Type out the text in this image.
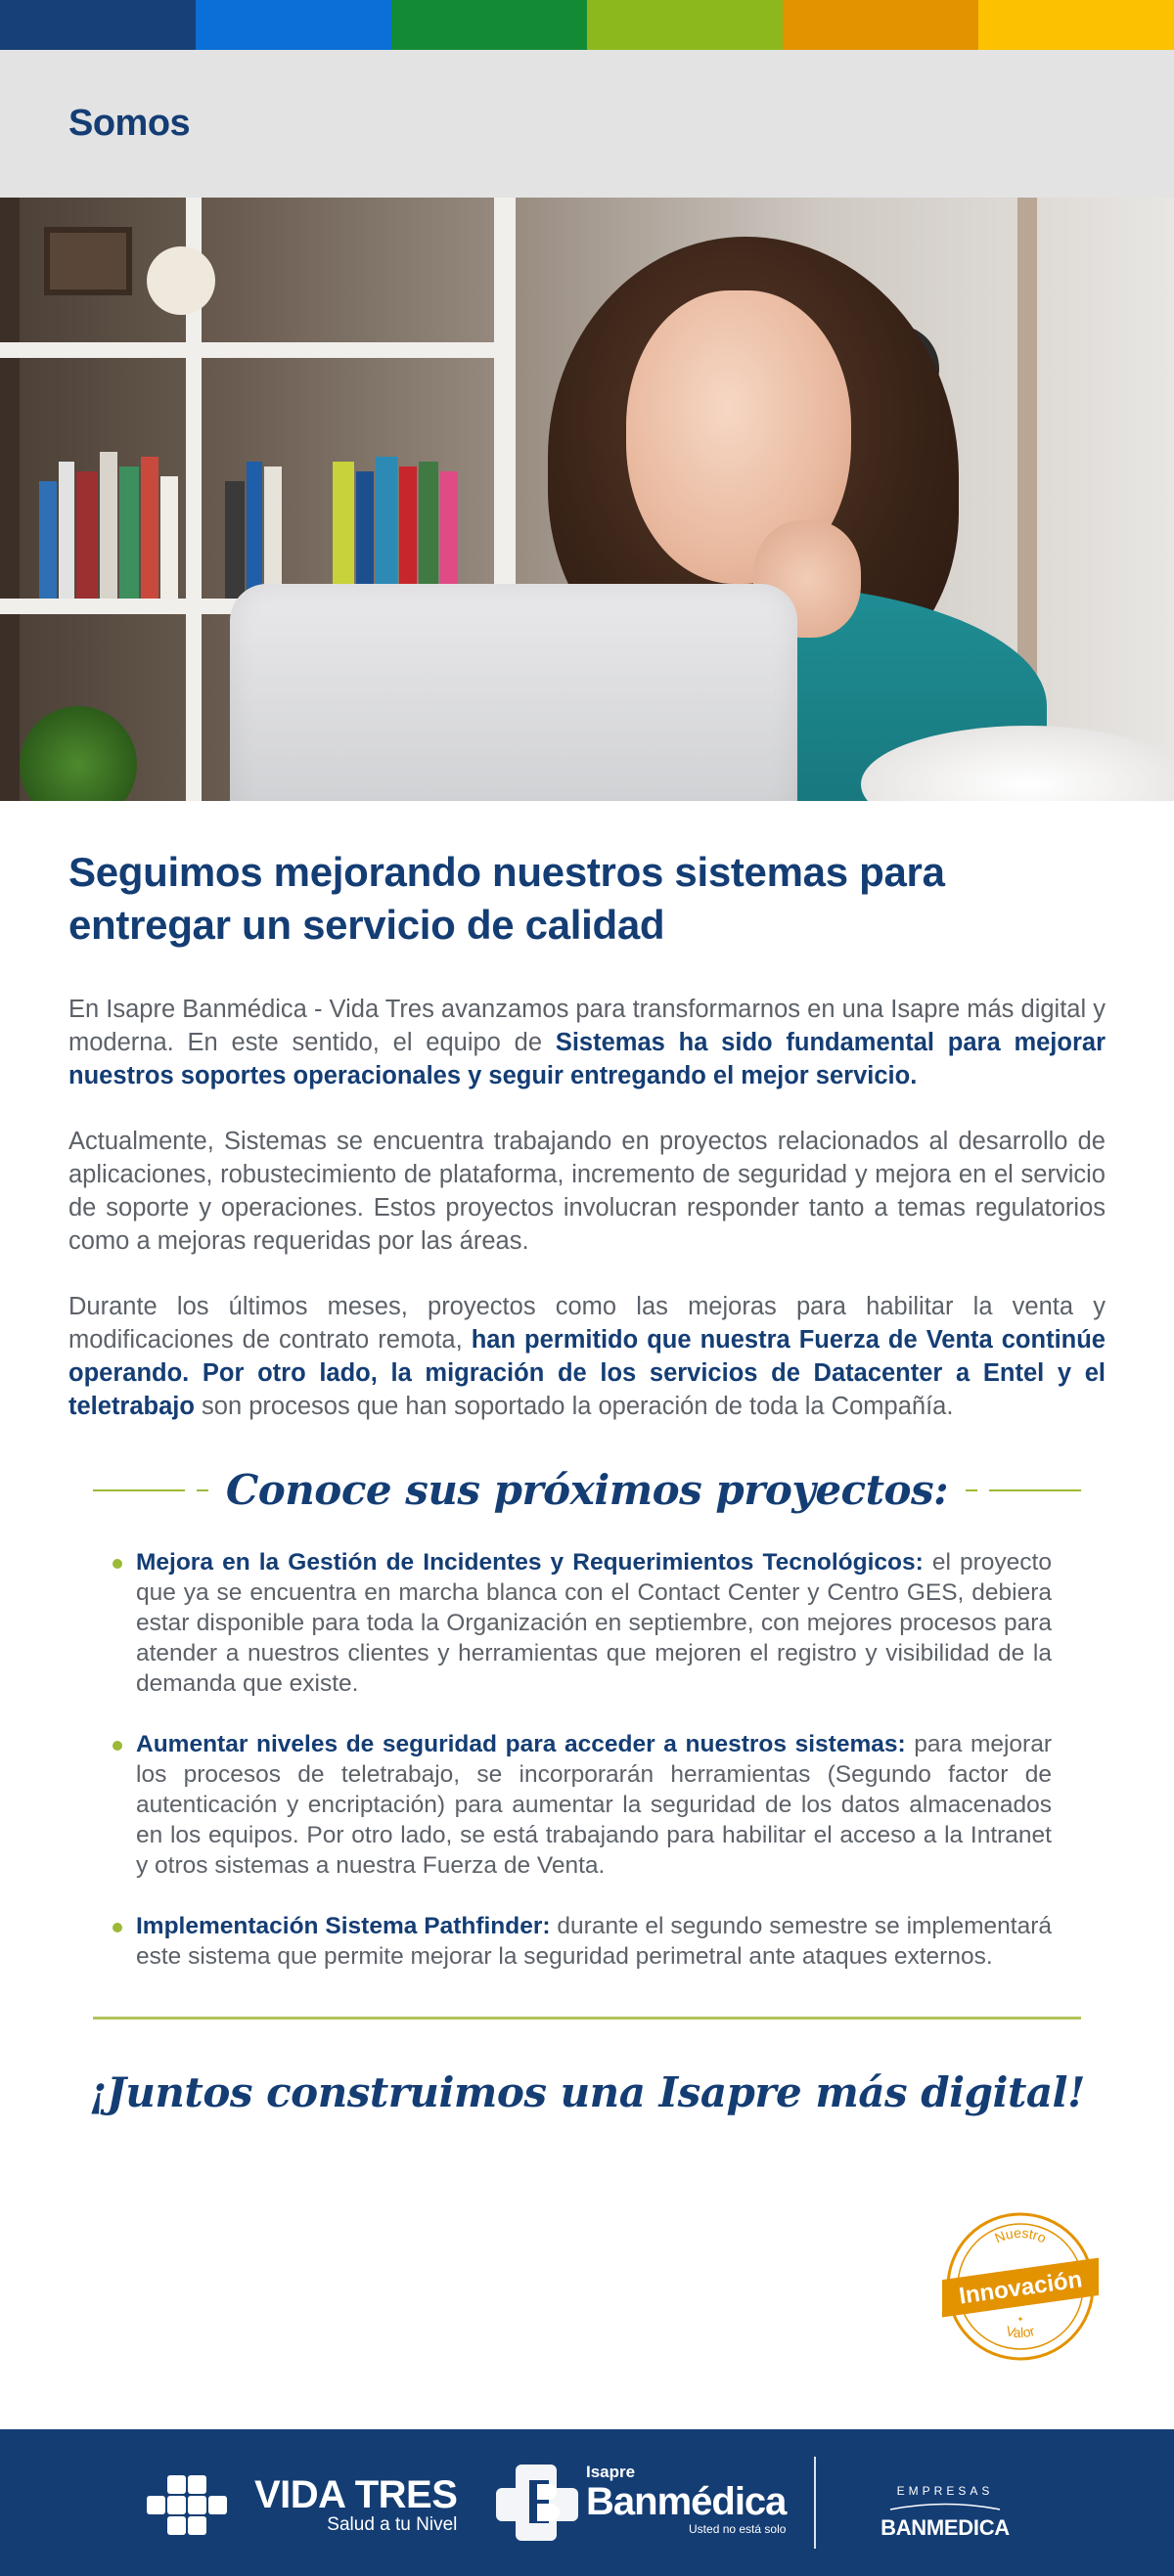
Somos
Seguimos mejorando nuestros sistemas para entregar un servicio de calidad

En Isapre Banmédica - Vida Tres avanzamos para transformarnos en una Isapre más digital y moderna. En este sentido, el equipo de Sistemas ha sido fundamental para mejorar nuestros soportes operacionales y seguir entregando el mejor servicio.

Actualmente, Sistemas se encuentra trabajando en proyectos relacionados al desarrollo de aplicaciones, robustecimiento de plataforma, incremento de seguridad y mejora en el servicio de soporte y operaciones. Estos proyectos involucran responder tanto a temas regulatorios como a mejoras requeridas por las áreas.

Durante los últimos meses, proyectos como las mejoras para habilitar la venta y modificaciones de contrato remota, han permitido que nuestra Fuerza de Venta continúe operando. Por otro lado, la migración de los servicios de Datacenter a Entel y el teletrabajo son procesos que han soportado la operación de toda la Compañía.

Conoce sus próximos proyectos:
Mejora en la Gestión de Incidentes y Requerimientos Tecnológicos: el proyecto que ya se encuentra en marcha blanca con el Contact Center y Centro GES, debiera estar disponible para toda la Organización en septiembre, con mejores procesos para atender a nuestros clientes y herramientas que mejoren el registro y visibilidad de la demanda que existe.
Aumentar niveles de seguridad para acceder a nuestros sistemas: para mejorar los procesos de teletrabajo, se incorporarán herramientas (Segundo factor de autenticación y encriptación) para aumentar la seguridad de los datos almacenados en los equipos. Por otro lado, se está trabajando para habilitar el acceso a la Intranet y otros sistemas a nuestra Fuerza de Venta.
Implementación Sistema Pathfinder: durante el segundo semestre se implementará este sistema que permite mejorar la seguridad perimetral ante ataques externos.
¡Juntos construimos una Isapre más digital!
Nuestro
Valor
Innovación
✦
VIDA TRES
Salud a tu Nivel
Isapre
Banmédica
Usted no está solo
EMPRESAS
BANMEDICA
